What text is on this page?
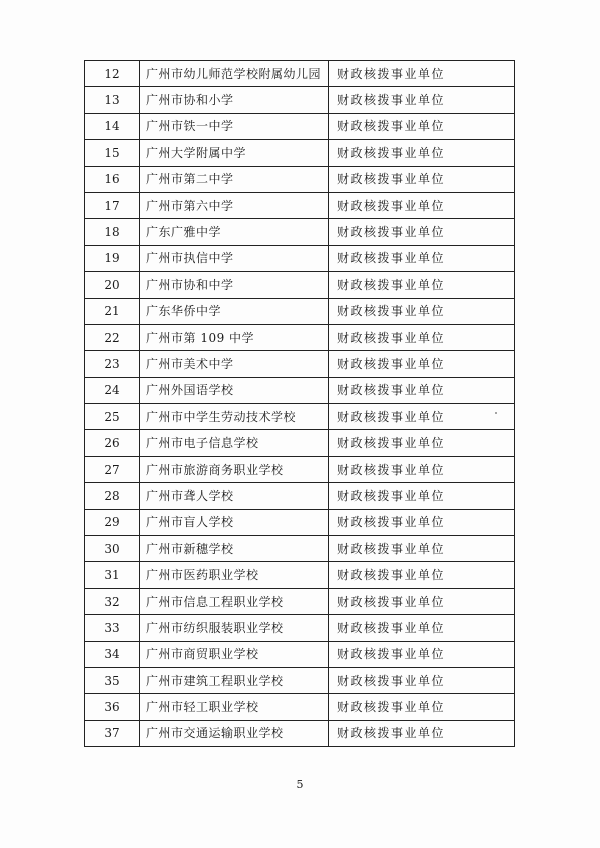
12	广州市幼儿师范学校附属幼儿园	财政核拨事业单位
13	广州市协和小学	财政核拨事业单位
14	广州市铁一中学	财政核拨事业单位
15	广州大学附属中学	财政核拨事业单位
16	广州市第二中学	财政核拨事业单位
17	广州市第六中学	财政核拨事业单位
18	广东广雅中学	财政核拨事业单位
19	广州市执信中学	财政核拨事业单位
20	广州市协和中学	财政核拨事业单位
21	广东华侨中学	财政核拨事业单位
22	广州市第 109 中学	财政核拨事业单位
23	广州市美术中学	财政核拨事业单位
24	广州外国语学校	财政核拨事业单位
25	广州市中学生劳动技术学校	财政核拨事业单位
26	广州市电子信息学校	财政核拨事业单位
27	广州市旅游商务职业学校	财政核拨事业单位
28	广州市聋人学校	财政核拨事业单位
29	广州市盲人学校	财政核拨事业单位
30	广州市新穗学校	财政核拨事业单位
31	广州市医药职业学校	财政核拨事业单位
32	广州市信息工程职业学校	财政核拨事业单位
33	广州市纺织服装职业学校	财政核拨事业单位
34	广州市商贸职业学校	财政核拨事业单位
35	广州市建筑工程职业学校	财政核拨事业单位
36	广州市轻工职业学校	财政核拨事业单位
37	广州市交通运输职业学校	财政核拨事业单位
5
